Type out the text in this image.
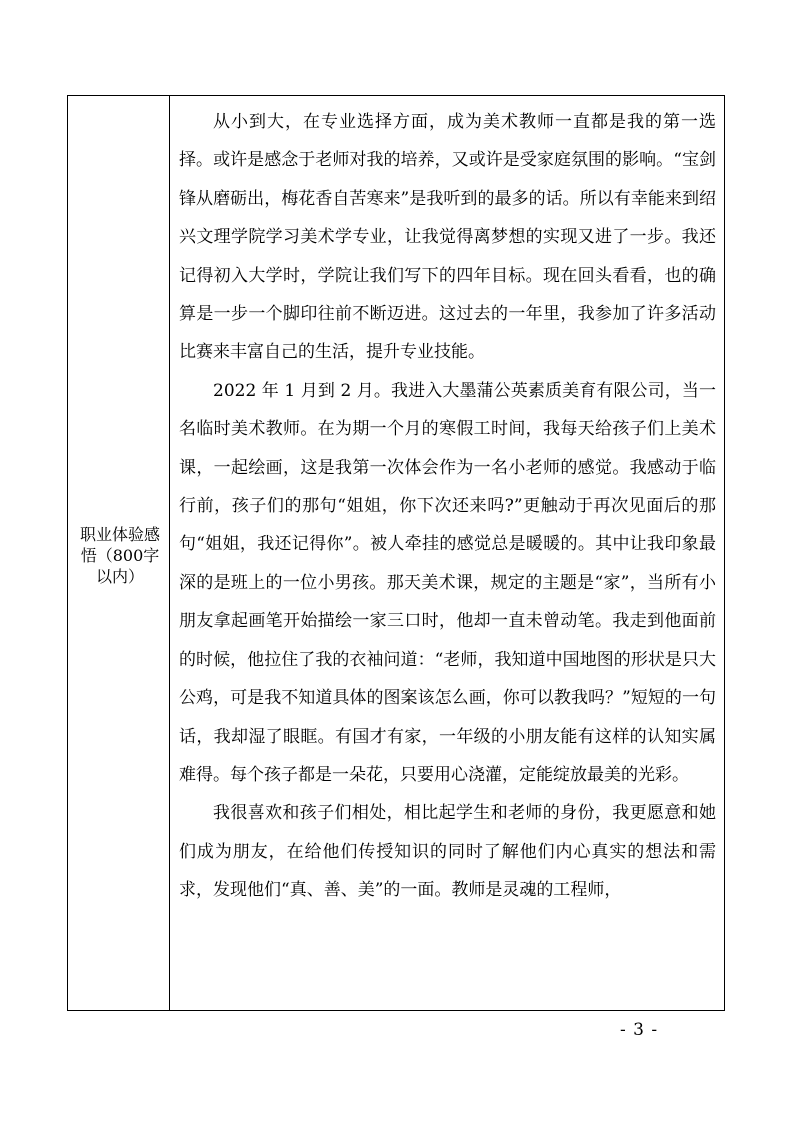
职业体验感悟（800字以内）

从小到大，在专业选择方面，成为美术教师一直都是我的第一选择。或许是感念于老师对我的培养，又或许是受家庭氛围的影响。“宝剑锋从磨砺出，梅花香自苦寒来”是我听到的最多的话。所以有幸能来到绍兴文理学院学习美术学专业，让我觉得离梦想的实现又进了一步。我还记得初入大学时，学院让我们写下的四年目标。现在回头看看，也的确算是一步一个脚印往前不断迈进。这过去的一年里，我参加了许多活动比赛来丰富自己的生活，提升专业技能。

2022 年 1 月到 2 月。我进入大墨蒲公英素质美育有限公司，当一名临时美术教师。在为期一个月的寒假工时间，我每天给孩子们上美术课，一起绘画，这是我第一次体会作为一名小老师的感觉。我感动于临行前，孩子们的那句“姐姐，你下次还来吗?”更触动于再次见面后的那句“姐姐，我还记得你”。被人牵挂的感觉总是暖暖的。其中让我印象最深的是班上的一位小男孩。那天美术课，规定的主题是“家”，当所有小朋友拿起画笔开始描绘一家三口时，他却一直未曾动笔。我走到他面前的时候，他拉住了我的衣袖问道：“老师，我知道中国地图的形状是只大公鸡，可是我不知道具体的图案该怎么画，你可以教我吗？”短短的一句话，我却湿了眼眶。有国才有家，一年级的小朋友能有这样的认知实属难得。每个孩子都是一朵花，只要用心浇灌，定能绽放最美的光彩。

我很喜欢和孩子们相处，相比起学生和老师的身份，我更愿意和她们成为朋友，在给他们传授知识的同时了解他们内心真实的想法和需求，发现他们“真、善、美”的一面。教师是灵魂的工程师，

- 3 -
